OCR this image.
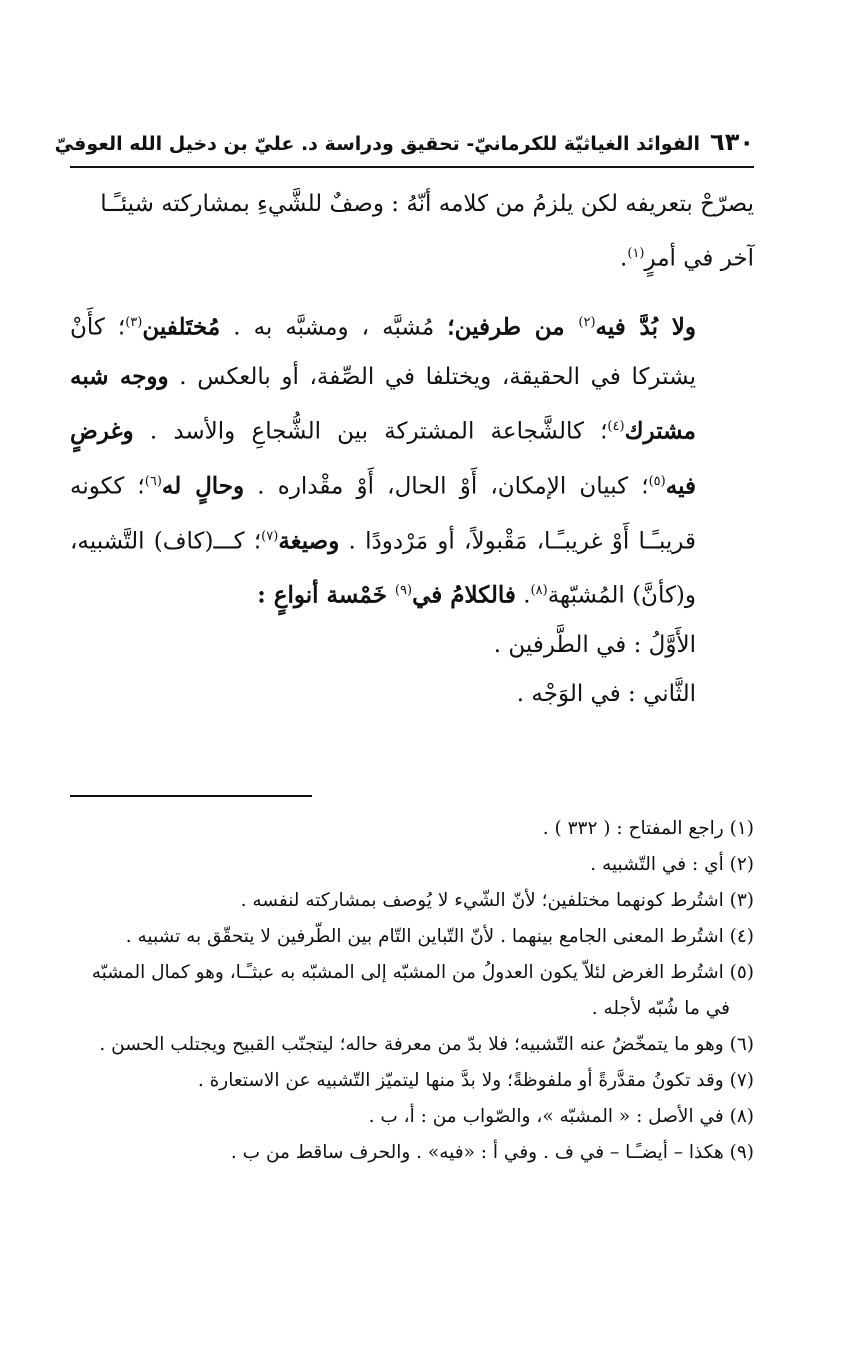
٦٣٠
الفوائد الغياثيّة للكرمانيّ- تحقيق ودراسة د. عليّ بن دخيل الله العوفيّ

يصرّحْ بتعريفه لكن يلزمُ من كلامه أنّهُ : وصفٌ للشَّيءِ بمشاركته شيئـًـا
آخر في أمرٍ$^{(١)}$.

ولا بُدَّ فيه$^{(٢)}$ من طرفين؛ مُشبَّه ، ومشبَّه به . مُختَلفين$^{(٣)}$؛ كأَنْ يشتركا في الحقيقة، ويختلفا في الصِّفة، أو بالعكس . ووجه شبه مشترك$^{(٤)}$؛ كالشَّجاعة المشتركة بين الشُّجاعِ والأسد . وغرضٍ فيه$^{(٥)}$؛ كبيان الإمكان، أَوْ الحال، أَوْ مقْداره . وحالٍ له$^{(٦)}$؛ ككونه قريبـًـا أَوْ غريبـًـا، مَقْبولاً، أو مَرْدودًا . وصيغة$^{(٧)}$؛ كـــ(كاف) التَّشبيه، و(كأنَّ) المُشبّهة$^{(٨)}$. فالكلامُ في$^{(٩)}$ خَمْسة أنواعٍ :

الأَوَّلُ : في الطَّرفين .

الثَّاني : في الوَجْه .

(١) راجع المفتاح : ( ٣٣٢ ) .

(٢) أي : في التّشبيه .

(٣) اشتُرط كونهما مختلفين؛ لأنّ الشّيء لا يُوصف بمشاركته لنفسه .

(٤) اشتُرط المعنى الجامع بينهما . لأنّ التّباين التّام بين الطّرفين لا يتحقّق به تشبيه .

(٥) اشتُرط الغرض لئلاّ يكون العدولُ من المشبّه إلى المشبّه به عبثـًـا، وهو كمال المشبّه

في ما شُبّه لأجله .

(٦) وهو ما يتمخّضُ عنه التّشبيه؛ فلا بدّ من معرفة حاله؛ ليتجنّب القبيح ويجتلب الحسن .

(٧) وقد تكونُ مقدَّرةً أو ملفوظةً؛ ولا بدَّ منها ليتميّز التّشبيه عن الاستعارة .

(٨) في الأصل : « المشبّه »، والصّواب من : أ، ب .

(٩) هكذا – أيضـًـا – في ف . وفي أ : «فيه» . والحرف ساقط من ب .
